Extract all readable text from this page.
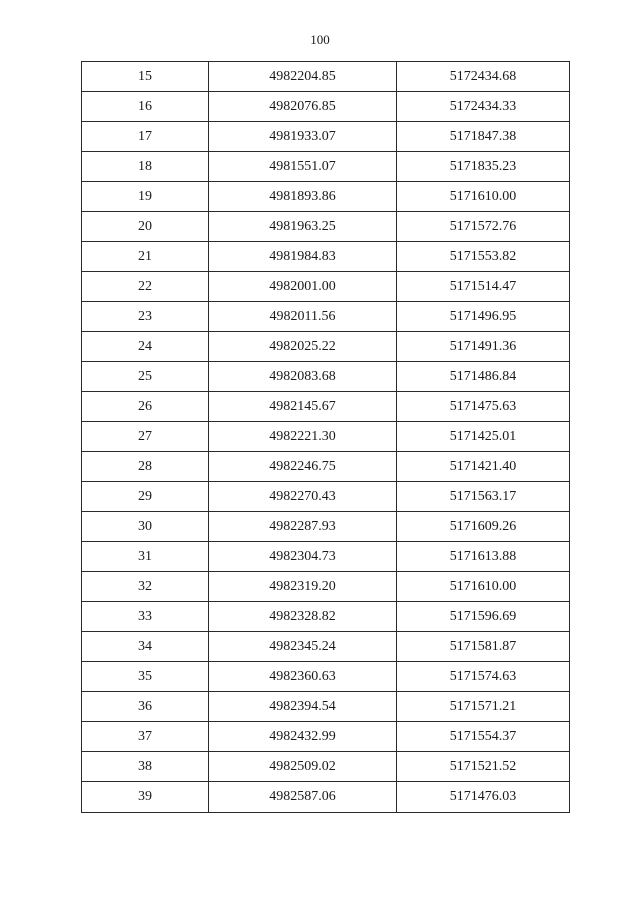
100
15	4982204.85	5172434.68
16	4982076.85	5172434.33
17	4981933.07	5171847.38
18	4981551.07	5171835.23
19	4981893.86	5171610.00
20	4981963.25	5171572.76
21	4981984.83	5171553.82
22	4982001.00	5171514.47
23	4982011.56	5171496.95
24	4982025.22	5171491.36
25	4982083.68	5171486.84
26	4982145.67	5171475.63
27	4982221.30	5171425.01
28	4982246.75	5171421.40
29	4982270.43	5171563.17
30	4982287.93	5171609.26
31	4982304.73	5171613.88
32	4982319.20	5171610.00
33	4982328.82	5171596.69
34	4982345.24	5171581.87
35	4982360.63	5171574.63
36	4982394.54	5171571.21
37	4982432.99	5171554.37
38	4982509.02	5171521.52
39	4982587.06	5171476.03
